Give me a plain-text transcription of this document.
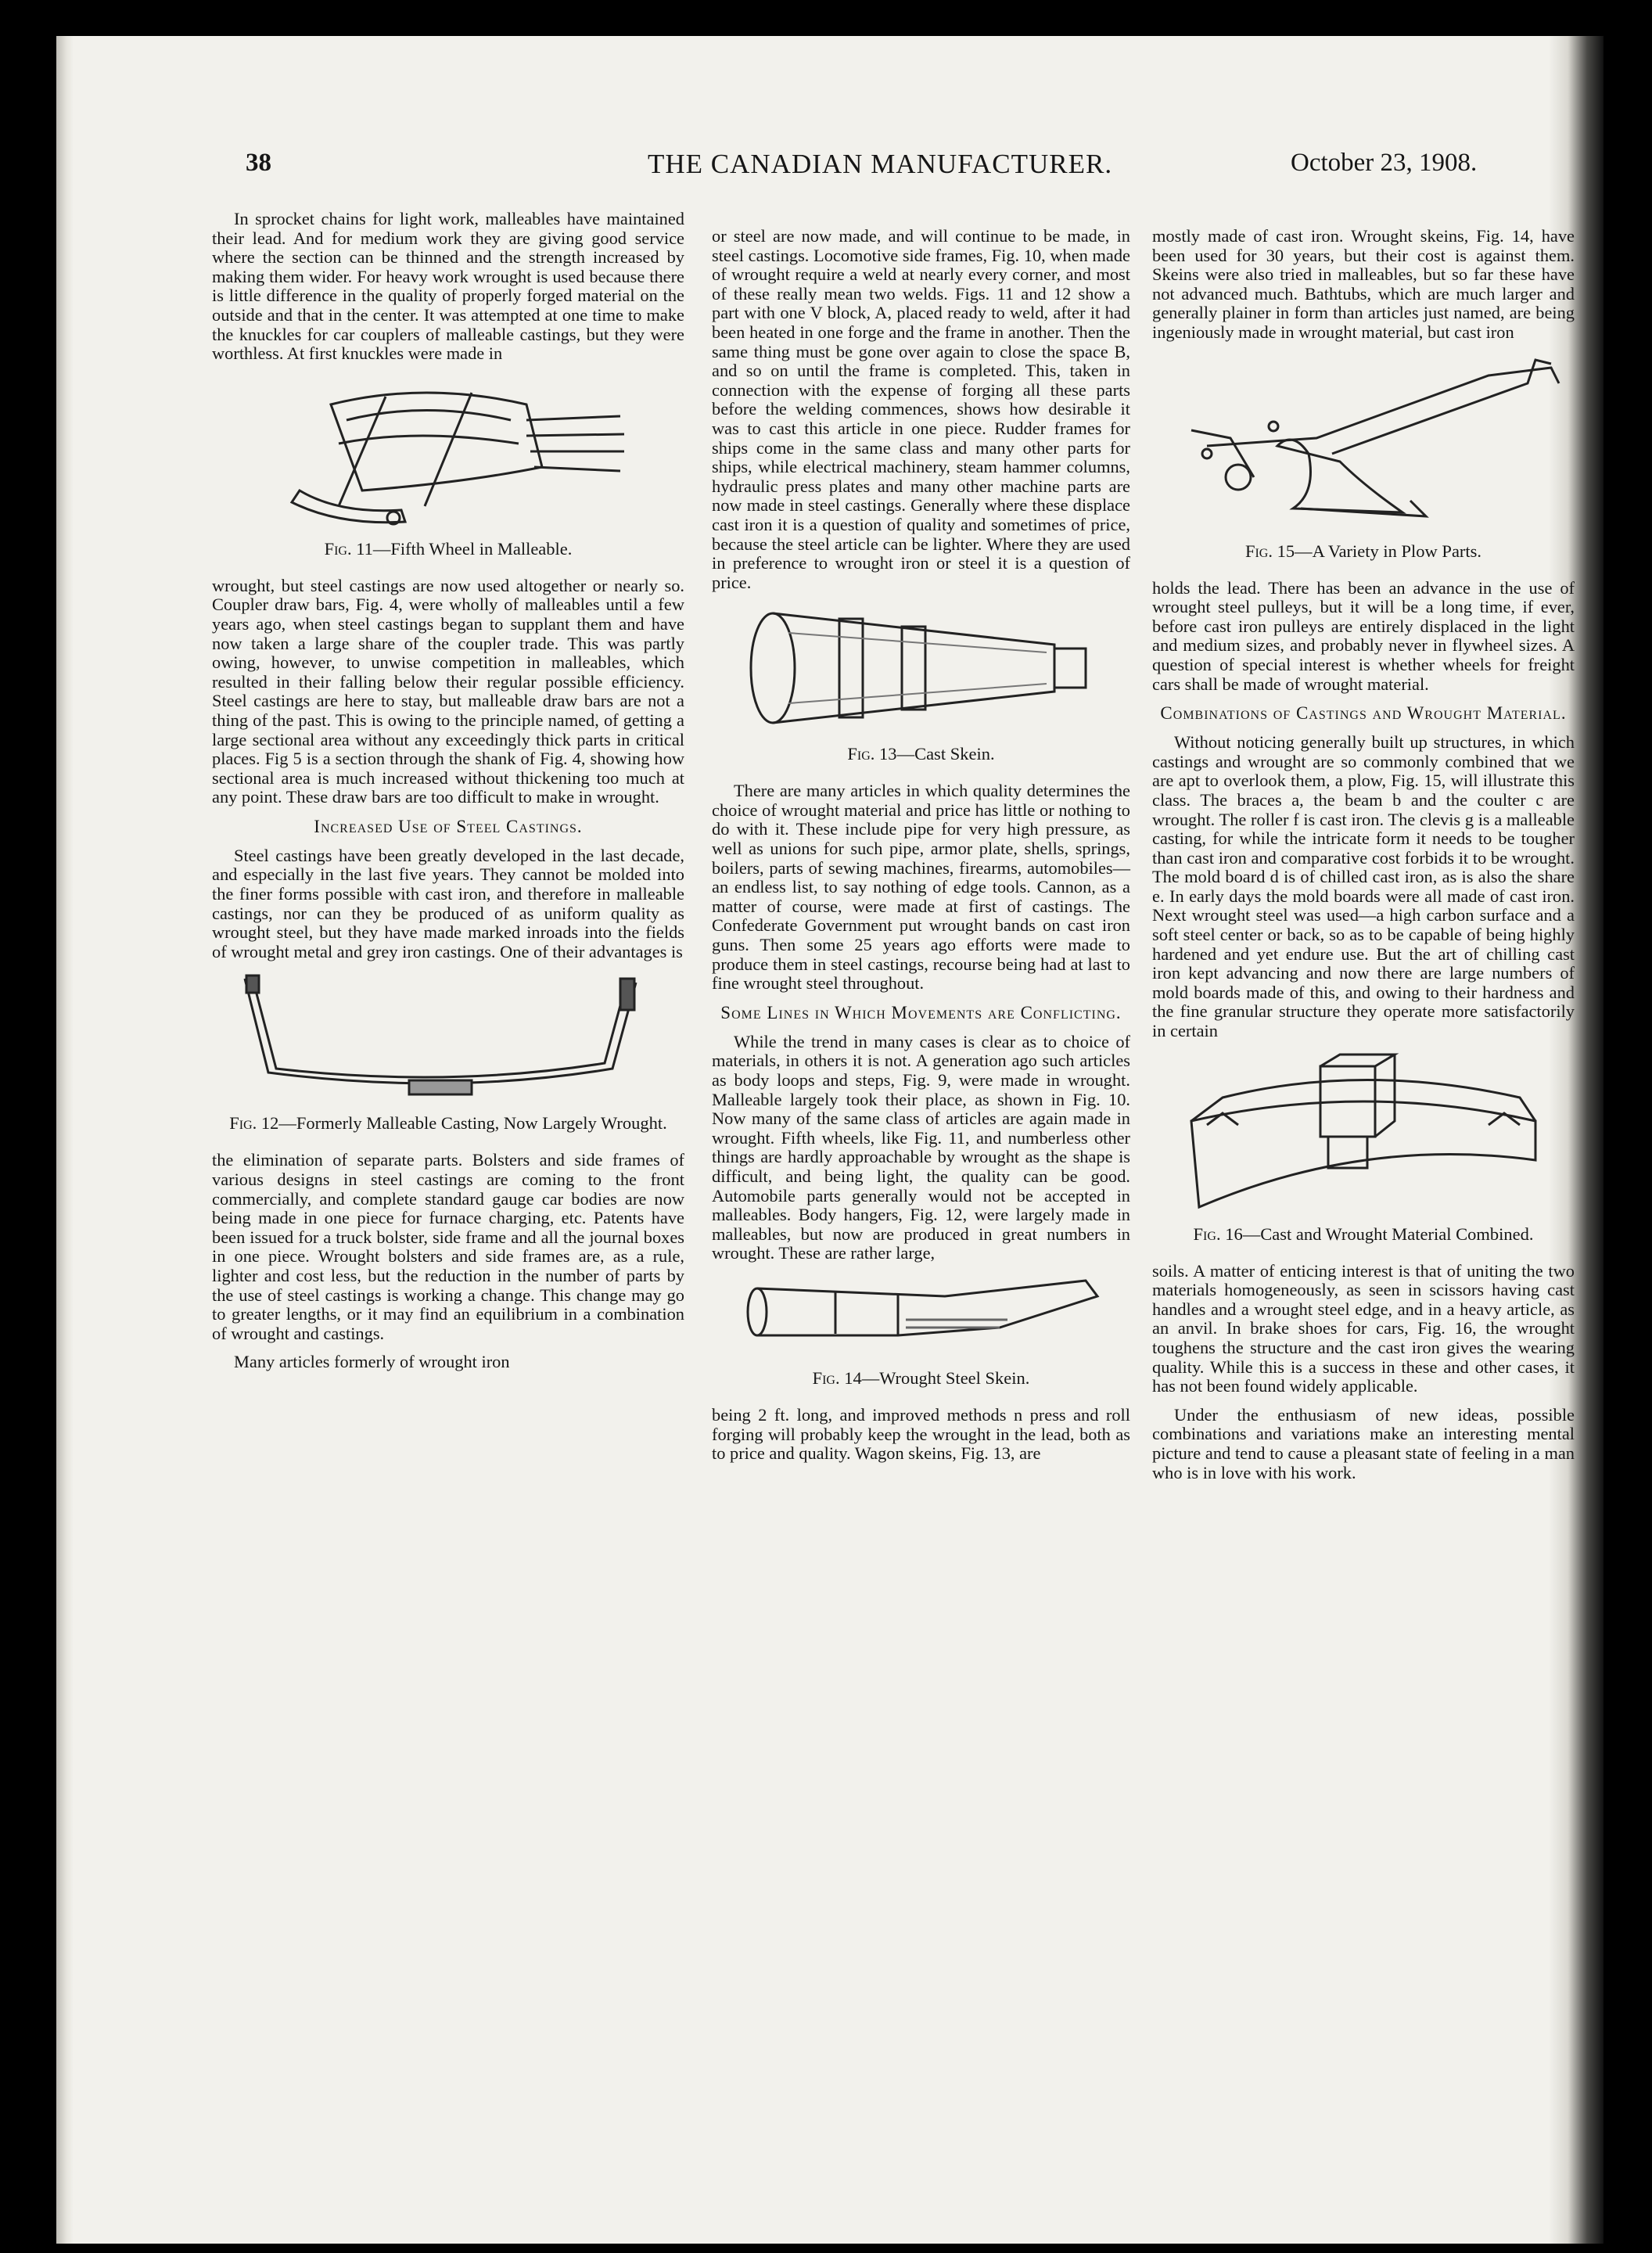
38	THE CANADIAN MANUFACTURER.	October 23, 1908.

In sprocket chains for light work, malleables have maintained their lead. And for medium work they are giving good service where the section can be thinned and the strength increased by making them wider. For heavy work wrought is used because there is little difference in the quality of properly forged material on the outside and that in the center. It was attempted at one time to make the knuckles for car couplers of malleable castings, but they were worthless. At first knuckles were made in

Fig. 11—Fifth Wheel in Malleable.

wrought, but steel castings are now used altogether or nearly so. Coupler draw bars, Fig. 4, were wholly of malleables until a few years ago, when steel castings began to supplant them and have now taken a large share of the coupler trade. This was partly owing, however, to unwise competition in malleables, which resulted in their falling below their regular possible efficiency. Steel castings are here to stay, but malleable draw bars are not a thing of the past. This is owing to the principle named, of getting a large sectional area without any exceedingly thick parts in critical places. Fig 5 is a section through the shank of Fig. 4, showing how sectional area is much increased without thickening too much at any point. These draw bars are too difficult to make in wrought.

Increased Use of Steel Castings.

Steel castings have been greatly developed in the last decade, and especially in the last five years. They cannot be molded into the finer forms possible with cast iron, and therefore in malleable castings, nor can they be produced of as uniform quality as wrought steel, but they have made marked inroads into the fields of wrought metal and grey iron castings. One of their advantages is

Fig. 12—Formerly Malleable Casting, Now Largely Wrought.

the elimination of separate parts. Bolsters and side frames of various designs in steel castings are coming to the front commercially, and complete standard gauge car bodies are now being made in one piece for furnace charging, etc. Patents have been issued for a truck bolster, side frame and all the journal boxes in one piece. Wrought bolsters and side frames are, as a rule, lighter and cost less, but the reduction in the number of parts by the use of steel castings is working a change. This change may go to greater lengths, or it may find an equilibrium in a combination of wrought and castings.

Many articles formerly of wrought iron

or steel are now made, and will continue to be made, in steel castings. Locomotive side frames, Fig. 10, when made of wrought require a weld at nearly every corner, and most of these really mean two welds. Figs. 11 and 12 show a part with one V block, A, placed ready to weld, after it had been heated in one forge and the frame in another. Then the same thing must be gone over again to close the space B, and so on until the frame is completed. This, taken in connection with the expense of forging all these parts before the welding commences, shows how desirable it was to cast this article in one piece. Rudder frames for ships come in the same class and many other parts for ships, while electrical machinery, steam hammer columns, hydraulic press plates and many other machine parts are now made in steel castings. Generally where these displace cast iron it is a question of quality and sometimes of price, because the steel article can be lighter. Where they are used in preference to wrought iron or steel it is a question of price.

Fig. 13—Cast Skein.

There are many articles in which quality determines the choice of wrought material and price has little or nothing to do with it. These include pipe for very high pressure, as well as unions for such pipe, armor plate, shells, springs, boilers, parts of sewing machines, firearms, automobiles—an endless list, to say nothing of edge tools. Cannon, as a matter of course, were made at first of castings. The Confederate Government put wrought bands on cast iron guns. Then some 25 years ago efforts were made to produce them in steel castings, recourse being had at last to fine wrought steel throughout.

Some Lines in Which Movements are Conflicting.

While the trend in many cases is clear as to choice of materials, in others it is not. A generation ago such articles as body loops and steps, Fig. 9, were made in wrought. Malleable largely took their place, as shown in Fig. 10. Now many of the same class of articles are again made in wrought. Fifth wheels, like Fig. 11, and numberless other things are hardly approachable by wrought as the shape is difficult, and being light, the quality can be good. Automobile parts generally would not be accepted in malleables. Body hangers, Fig. 12, were largely made in malleables, but now are produced in great numbers in wrought. These are rather large,

Fig. 14—Wrought Steel Skein.

being 2 ft. long, and improved methods n press and roll forging will probably keep the wrought in the lead, both as to price and quality. Wagon skeins, Fig. 13, are

mostly made of cast iron. Wrought skeins, Fig. 14, have been used for 30 years, but their cost is against them. Skeins were also tried in malleables, but so far these have not advanced much. Bathtubs, which are much larger and generally plainer in form than articles just named, are being ingeniously made in wrought material, but cast iron

Fig. 15—A Variety in Plow Parts.

holds the lead. There has been an advance in the use of wrought steel pulleys, but it will be a long time, if ever, before cast iron pulleys are entirely displaced in the light and medium sizes, and probably never in flywheel sizes. A question of special interest is whether wheels for freight cars shall be made of wrought material.

Combinations of Castings and Wrought Material.

Without noticing generally built up structures, in which castings and wrought are so commonly combined that we are apt to overlook them, a plow, Fig. 15, will illustrate this class. The braces a, the beam b and the coulter c are wrought. The roller f is cast iron. The clevis g is a malleable casting, for while the intricate form it needs to be tougher than cast iron and comparative cost forbids it to be wrought. The mold board d is of chilled cast iron, as is also the share e. In early days the mold boards were all made of cast iron. Next wrought steel was used—a high carbon surface and a soft steel center or back, so as to be capable of being highly hardened and yet endure use. But the art of chilling cast iron kept advancing and now there are large numbers of mold boards made of this, and owing to their hardness and the fine granular structure they operate more satisfactorily in certain

Fig. 16—Cast and Wrought Material Combined.

soils. A matter of enticing interest is that of uniting the two materials homogeneously, as seen in scissors having cast handles and a wrought steel edge, and in a heavy article, as an anvil. In brake shoes for cars, Fig. 16, the wrought toughens the structure and the cast iron gives the wearing quality. While this is a success in these and other cases, it has not been found widely applicable.

Under the enthusiasm of new ideas, possible combinations and variations make an interesting mental picture and tend to cause a pleasant state of feeling in a man who is in love with his work.
